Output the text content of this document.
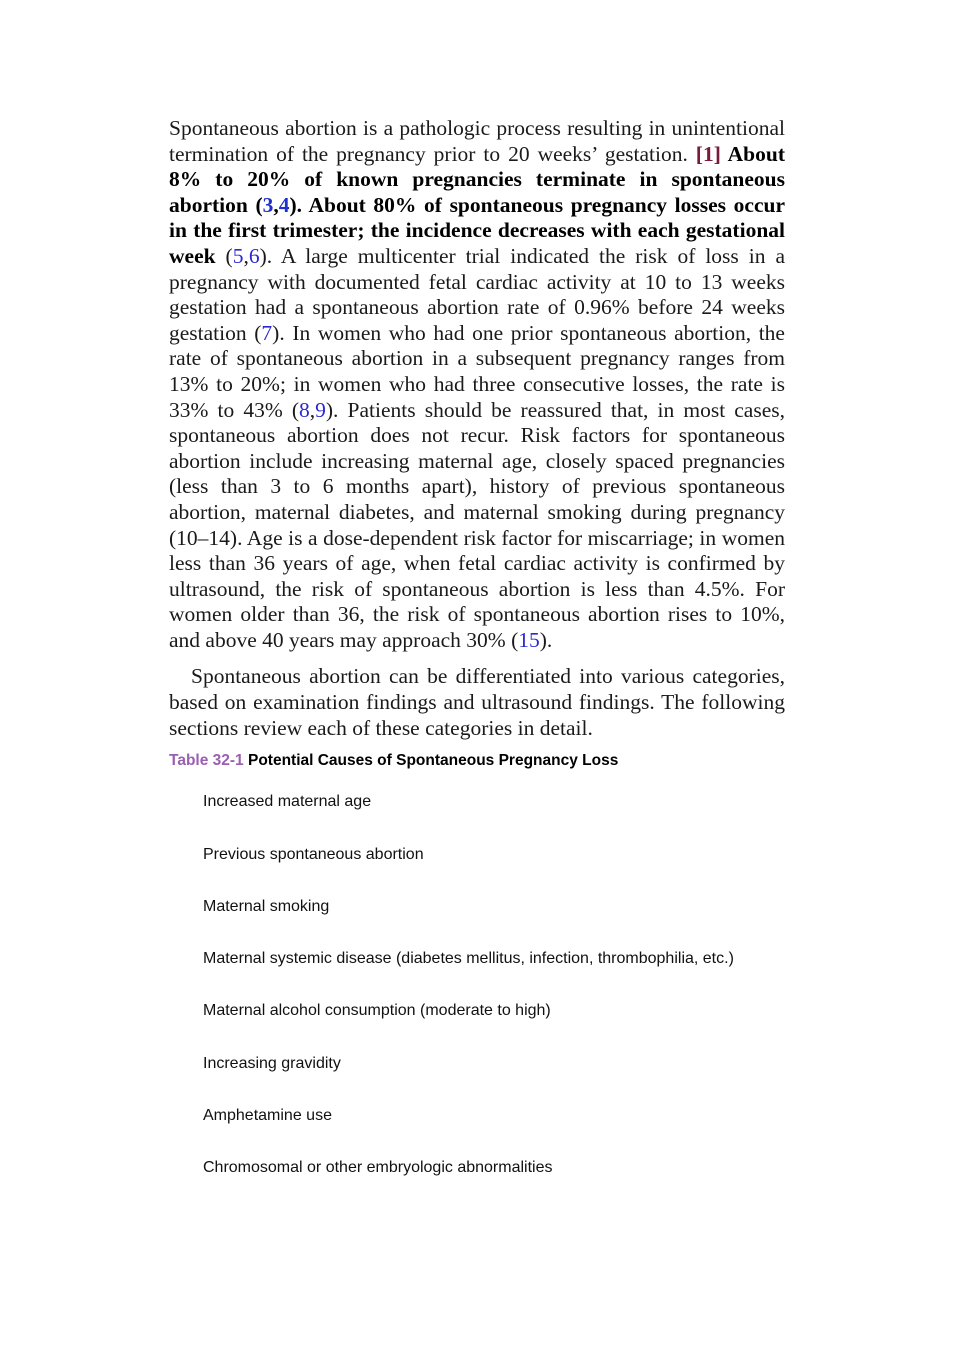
Spontaneous abortion is a pathologic process resulting in unintentional termination of the pregnancy prior to 20 weeks’ gestation. [1] About 8% to 20% of known pregnancies terminate in spontaneous abortion (3,4). About 80% of spontaneous pregnancy losses occur in the first trimester; the incidence decreases with each gestational week (5,6). A large multicenter trial indicated the risk of loss in a pregnancy with documented fetal cardiac activity at 10 to 13 weeks gestation had a spontaneous abortion rate of 0.96% before 24 weeks gestation (7). In women who had one prior spontaneous abortion, the rate of spontaneous abortion in a subsequent pregnancy ranges from 13% to 20%; in women who had three consecutive losses, the rate is 33% to 43% (8,9). Patients should be reassured that, in most cases, spontaneous abortion does not recur. Risk factors for spontaneous abortion include increasing maternal age, closely spaced pregnancies (less than 3 to 6 months apart), history of previous spontaneous abortion, maternal diabetes, and maternal smoking during pregnancy (10–14). Age is a dose-dependent risk factor for miscarriage; in women less than 36 years of age, when fetal cardiac activity is confirmed by ultrasound, the risk of spontaneous abortion is less than 4.5%. For women older than 36, the risk of spontaneous abortion rises to 10%, and above 40 years may approach 30% (15).

Spontaneous abortion can be differentiated into various categories, based on examination findings and ultrasound findings. The following sections review each of these categories in detail.

Table 32-1 Potential Causes of Spontaneous Pregnancy Loss
Increased maternal age
Previous spontaneous abortion
Maternal smoking
Maternal systemic disease (diabetes mellitus, infection, thrombophilia, etc.)
Maternal alcohol consumption (moderate to high)
Increasing gravidity
Amphetamine use
Chromosomal or other embryologic abnormalities
